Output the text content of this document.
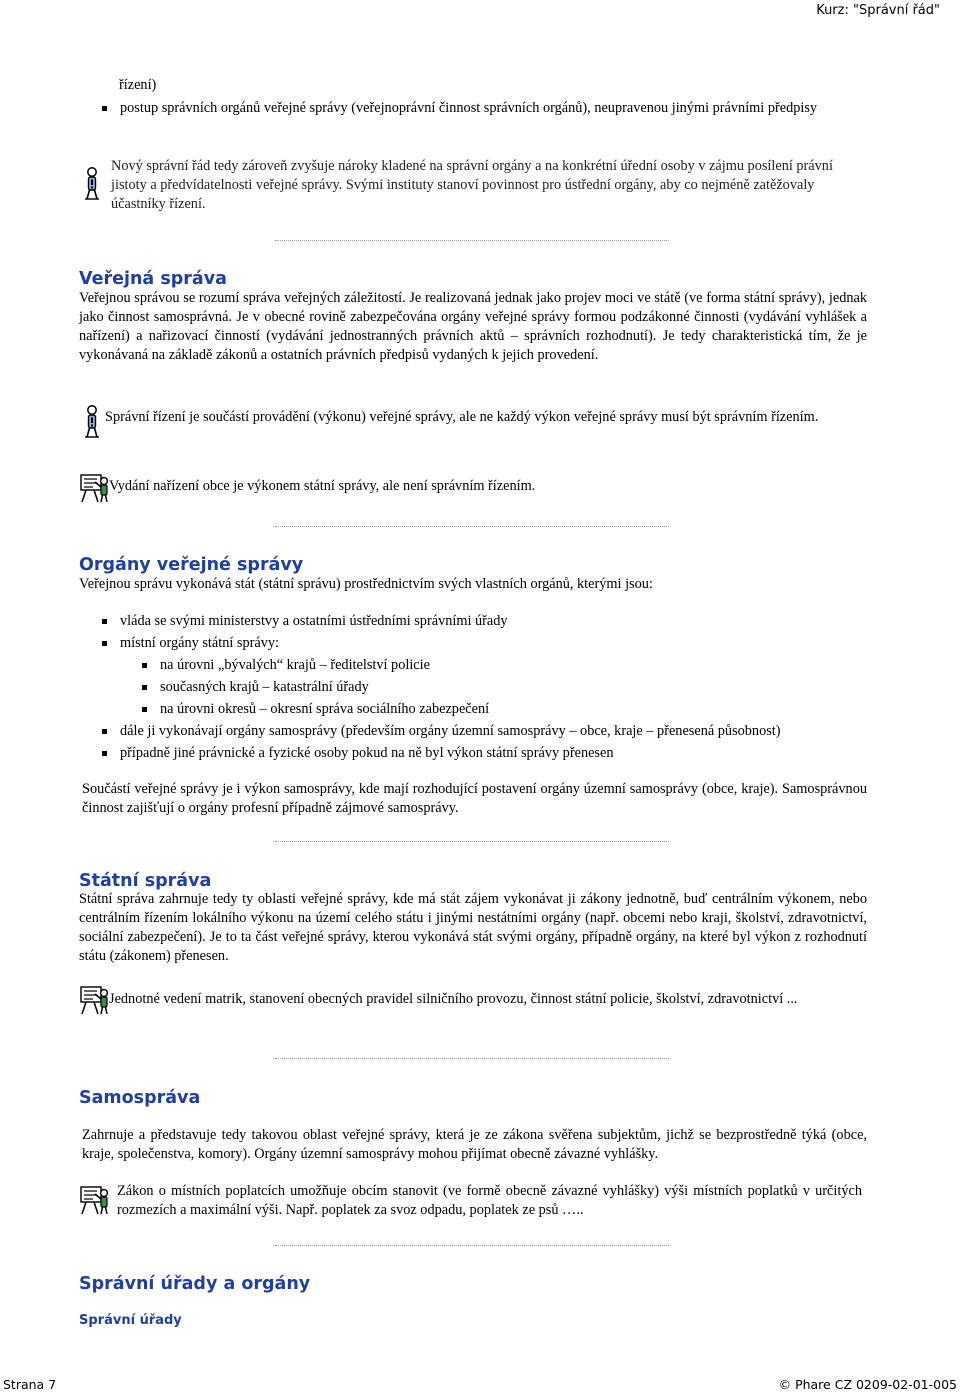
Kurz: "Správní řád"
řízení)
postup správních orgánů veřejné správy (veřejnoprávní činnost správních orgánů), neupravenou jinými právními předpisy
Nový správní řád tedy zároveň zvyšuje nároky kladené na správní orgány a na konkrétní úřední osoby v zájmu posílení právní jistoty a předvídatelnosti veřejné správy. Svými instituty stanoví povinnost pro ústřední orgány, aby co nejméně zatěžovaly účastníky řízení.
Veřejná správa

Veřejnou správou se rozumí správa veřejných záležitostí. Je realizovaná jednak jako projev moci ve státě (ve forma státní správy), jednak jako činnost samosprávná. Je v obecné rovině zabezpečována orgány veřejné správy formou podzákonné činnosti (vydávání vyhlášek a nařízení) a nařizovací činností (vydávání jednostranných právních aktů – správních rozhodnutí). Je tedy charakteristická tím, že je vykonávaná na základě zákonů a ostatních právních předpisů vydaných k jejich provedení.

Správní řízení je součástí provádění (výkonu) veřejné správy, ale ne každý výkon veřejné správy musí být správním řízením.
Vydání nařízení obce je výkonem státní správy, ale není správním řízením.
Orgány veřejné správy
Veřejnou správu vykonává stát (státní správu) prostřednictvím svých vlastních orgánů, kterými jsou:
vláda se svými ministerstvy a ostatními ústředními správními úřady
místní orgány státní správy:
na úrovni „bývalých“ krajů – ředitelství policie
současných krajů – katastrální úřady
na úrovni okresů – okresní správa sociálního zabezpečení
dále ji vykonávají orgány samosprávy (především orgány územní samosprávy – obce, kraje – přenesená působnost)
případně jiné právnické a fyzické osoby pokud na ně byl výkon státní správy přenesen
Součástí veřejné správy je i výkon samosprávy, kde mají rozhodující postavení orgány územní samosprávy (obce, kraje). Samosprávnou činnost zajišťují o orgány profesní případně zájmové samosprávy.
Státní správa
Státní správa zahrnuje tedy ty oblasti veřejné správy, kde má stát zájem vykonávat ji zákony jednotně, buď centrálním výkonem, nebo centrálním řízením lokálního výkonu na území celého státu i jinými nestátními orgány (např. obcemi nebo kraji, školství, zdravotnictví, sociální zabezpečení). Je to ta část veřejné správy, kterou vykonává stát svými orgány, případně orgány, na které byl výkon z rozhodnutí státu (zákonem) přenesen.
Jednotné vedení matrik, stanovení obecných pravidel silničního provozu, činnost státní policie, školství, zdravotnictví ...
Samospráva
Zahrnuje a představuje tedy takovou oblast veřejné správy, která je ze zákona svěřena subjektům, jichž se bezprostředně týká (obce, kraje, společenstva, komory). Orgány územní samosprávy mohou přijímat obecně závazné vyhlášky.
Zákon o místních poplatcích umožňuje obcím stanovit (ve formě obecně závazné vyhlášky) výši místních poplatků v určitých rozmezích a maximální výši. Např. poplatek za svoz odpadu, poplatek ze psů …..
Správní úřady a orgány
Správní úřady
Strana 7	© Phare CZ 0209-02-01-005
